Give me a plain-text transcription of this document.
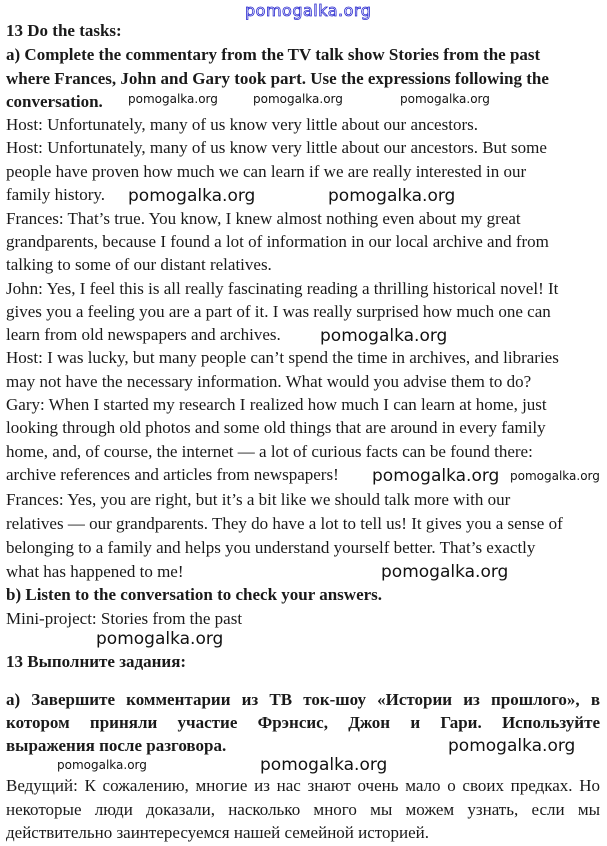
pomogalka.org
13 Do the tasks:
a) Complete the commentary from the TV talk show Stories from the past
where Frances, John and Gary took part. Use the expressions following the
conversation.
Host: Unfortunately, many of us know very little about our ancestors.
Host: Unfortunately, many of us know very little about our ancestors. But some
people have proven how much we can learn if we are really interested in our
family history.
Frances: That’s true. You know, I knew almost nothing even about my great
grandparents, because I found a lot of information in our local archive and from
talking to some of our distant relatives.
John: Yes, I feel this is all really fascinating reading a thrilling historical novel! It
gives you a feeling you are a part of it. I was really surprised how much one can
learn from old newspapers and archives.
Host: I was lucky, but many people can’t spend the time in archives, and libraries
may not have the necessary information. What would you advise them to do?
Gary: When I started my research I realized how much I can learn at home, just
looking through old photos and some old things that are around in every family
home, and, of course, the internet — a lot of curious facts can be found there:
archive references and articles from newspapers!
Frances: Yes, you are right, but it’s a bit like we should talk more with our
relatives — our grandparents. They do have a lot to tell us! It gives you a sense of
belonging to a family and helps you understand yourself better. That’s exactly
what has happened to me!
b) Listen to the conversation to check your answers.
Mini-project: Stories from the past
13 Выполните задания:
а) Завершите комментарии из ТВ ток-шоу «Истории из прошлого», в
котором приняли участие Фрэнсис, Джон и Гари. Используйте
выражения после разговора.
Ведущий: К сожалению, многие из нас знают очень мало о своих предках. Но
некоторые люди доказали, насколько много мы можем узнать, если мы
действительно заинтересуемся нашей семейной историей.
pomogalka.org	pomogalka.org	pomogalka.org
pomogalka.org	pomogalka.org
pomogalka.org
pomogalka.org pomogalka.org
pomogalka.org
pomogalka.org
pomogalka.org
pomogalka.org	pomogalka.org
